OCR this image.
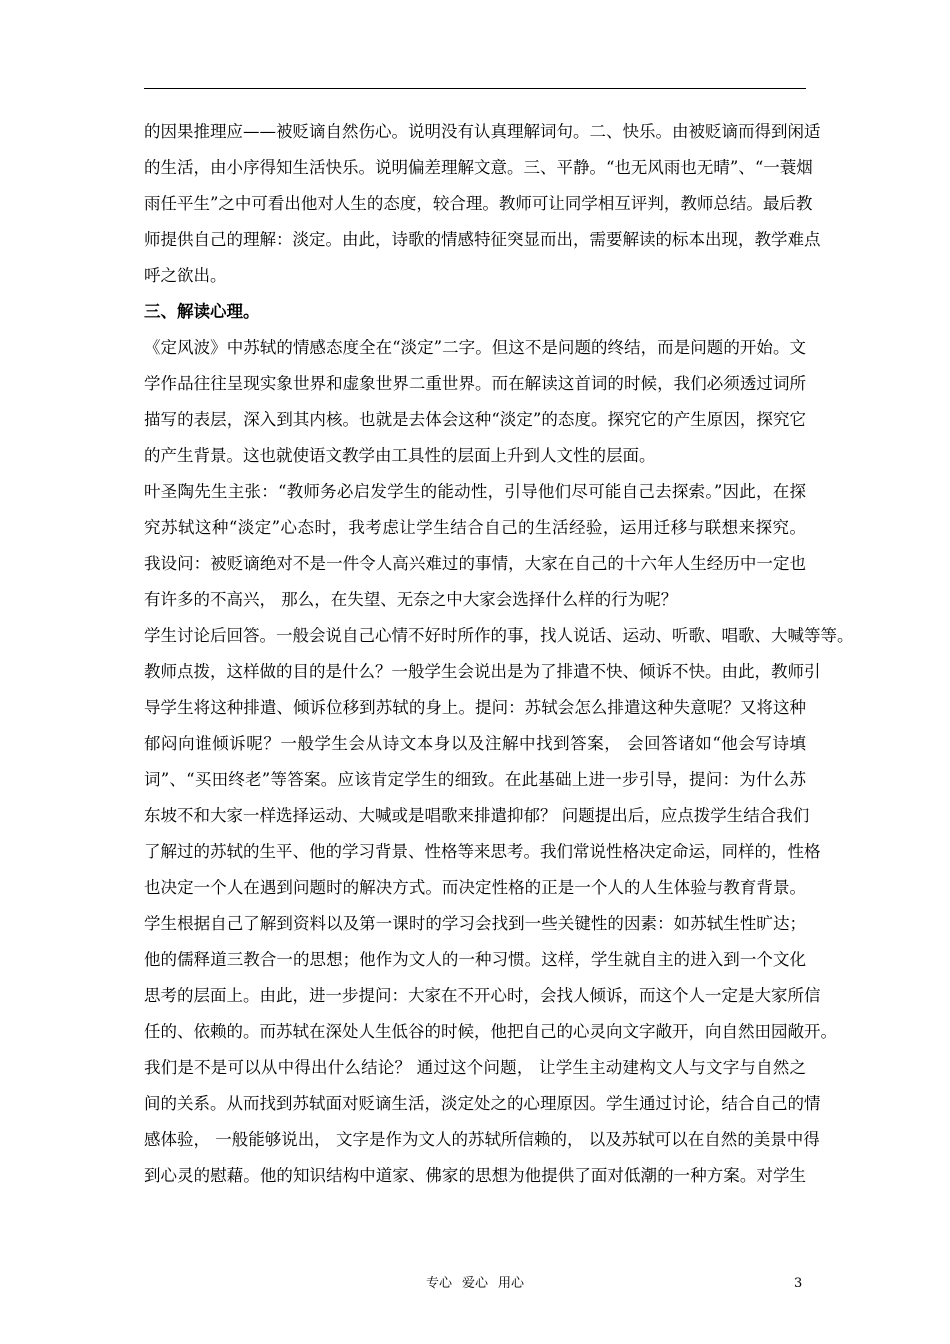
的因果推理应——被贬谪自然伤心。说明没有认真理解词句。二、快乐。由被贬谪而得到闲适
的生活，由小序得知生活快乐。说明偏差理解文意。三、平静。“也无风雨也无晴”、“一蓑烟
雨任平生”之中可看出他对人生的态度，较合理。教师可让同学相互评判，教师总结。最后教
师提供自己的理解：淡定。由此，诗歌的情感特征突显而出，需要解读的标本出现，教学难点
呼之欲出。
三、解读心理。
《定风波》中苏轼的情感态度全在“淡定”二字。但这不是问题的终结，而是问题的开始。文
学作品往往呈现实象世界和虚象世界二重世界。而在解读这首词的时候，我们必须透过词所
描写的表层，深入到其内核。也就是去体会这种“淡定”的态度。探究它的产生原因，探究它
的产生背景。这也就使语文教学由工具性的层面上升到人文性的层面。
叶圣陶先生主张：“教师务必启发学生的能动性，引导他们尽可能自己去探索。”因此，在探
究苏轼这种“淡定”心态时，我考虑让学生结合自己的生活经验，运用迁移与联想来探究。
我设问：被贬谪绝对不是一件令人高兴难过的事情，大家在自己的十六年人生经历中一定也
有许多的不高兴， 那么，在失望、无奈之中大家会选择什么样的行为呢？
学生讨论后回答。一般会说自己心情不好时所作的事，找人说话、运动、听歌、唱歌、大喊等等。
教师点拨，这样做的目的是什么？一般学生会说出是为了排遣不快、倾诉不快。由此，教师引
导学生将这种排遣、倾诉位移到苏轼的身上。提问：苏轼会怎么排遣这种失意呢？又将这种
郁闷向谁倾诉呢？一般学生会从诗文本身以及注解中找到答案， 会回答诸如“他会写诗填
词”、“买田终老”等答案。应该肯定学生的细致。在此基础上进一步引导，提问：为什么苏
东坡不和大家一样选择运动、大喊或是唱歌来排遣抑郁？ 问题提出后，应点拨学生结合我们
了解过的苏轼的生平、他的学习背景、性格等来思考。我们常说性格决定命运，同样的，性格
也决定一个人在遇到问题时的解决方式。而决定性格的正是一个人的人生体验与教育背景。
学生根据自己了解到资料以及第一课时的学习会找到一些关键性的因素：如苏轼生性旷达；
他的儒释道三教合一的思想；他作为文人的一种习惯。这样，学生就自主的进入到一个文化
思考的层面上。由此，进一步提问：大家在不开心时，会找人倾诉，而这个人一定是大家所信
任的、依赖的。而苏轼在深处人生低谷的时候，他把自己的心灵向文字敞开，向自然田园敞开。
我们是不是可以从中得出什么结论？ 通过这个问题， 让学生主动建构文人与文字与自然之
间的关系。从而找到苏轼面对贬谪生活，淡定处之的心理原因。学生通过讨论，结合自己的情
感体验， 一般能够说出， 文字是作为文人的苏轼所信赖的， 以及苏轼可以在自然的美景中得
到心灵的慰藉。他的知识结构中道家、佛家的思想为他提供了面对低潮的一种方案。对学生
专心 爱心 用心	3
